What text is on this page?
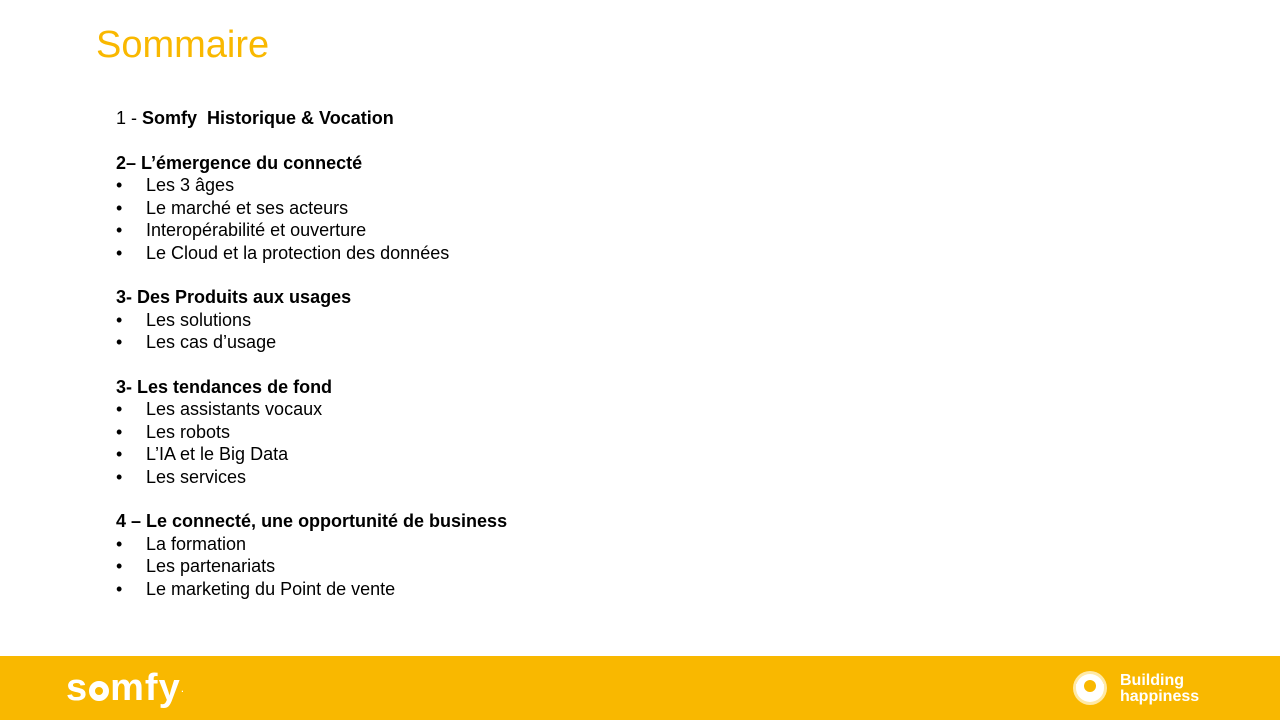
Sommaire

1 - Somfy  Historique & Vocation

2– L’émergence du connecté

• Les 3 âges
• Le marché et ses acteurs
• Interopérabilité et ouverture
• Le Cloud et la protection des données

3- Des Produits aux usages

• Les solutions
• Les cas d’usage

3- Les tendances de fond

• Les assistants vocaux
• Les robots
• L’IA et le Big Data
• Les services

4 – Le connecté, une opportunité de business

• La formation
• Les partenariats
• Le marketing du Point de vente
s mfy.	Building
happiness
